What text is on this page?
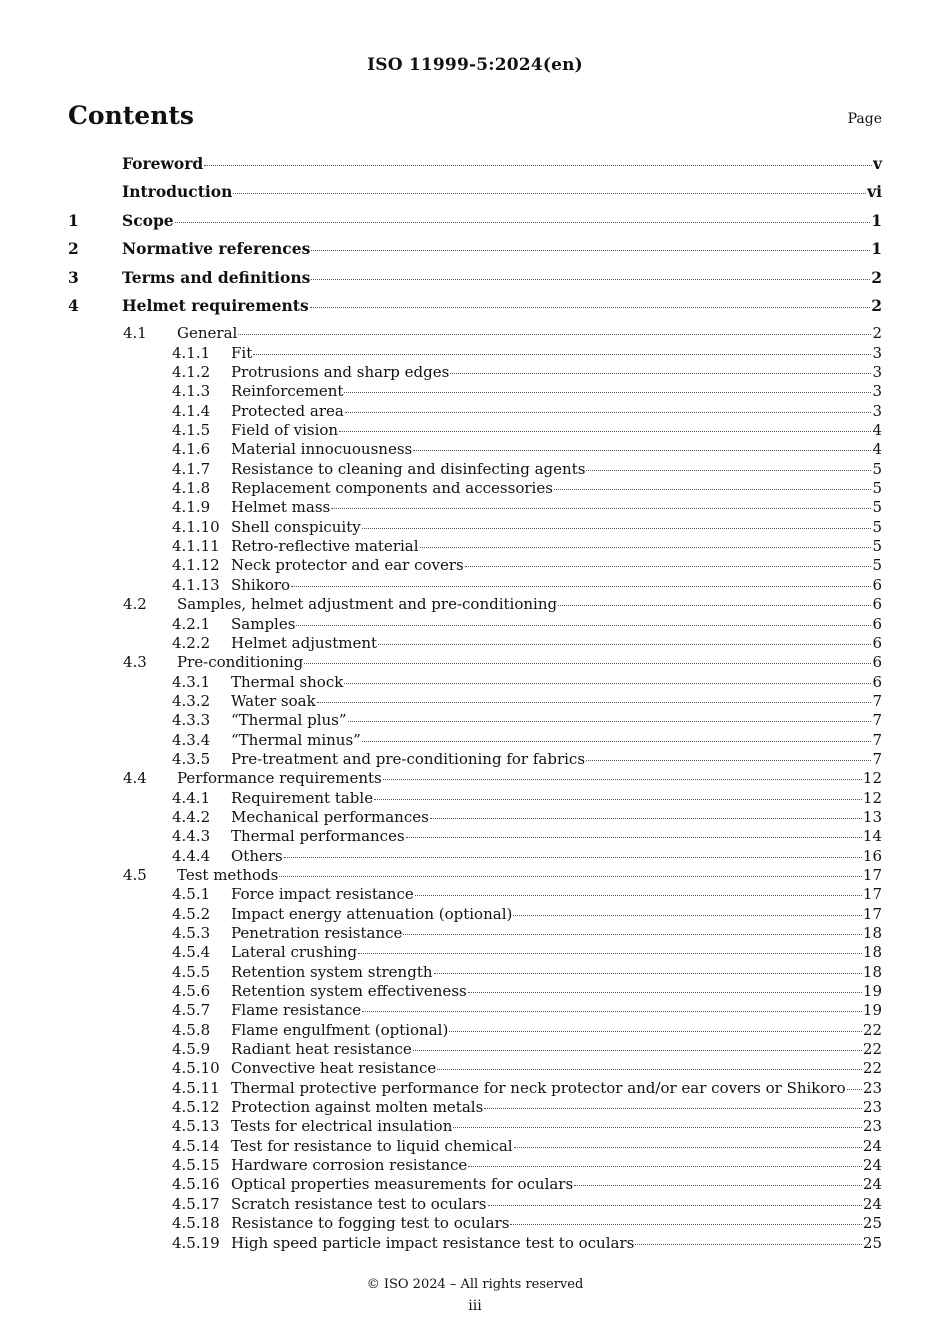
ISO 11999-5:2024(en)
Contents	Page
Foreword	v
Introduction	vi
1	Scope	1
2	Normative references	1
3	Terms and definitions	2
4	Helmet requirements	2
4.1	General	2
4.1.1	Fit	3
4.1.2	Protrusions and sharp edges	3
4.1.3	Reinforcement	3
4.1.4	Protected area	3
4.1.5	Field of vision	4
4.1.6	Material innocuousness	4
4.1.7	Resistance to cleaning and disinfecting agents	5
4.1.8	Replacement components and accessories	5
4.1.9	Helmet mass	5
4.1.10 Shell conspicuity	5
4.1.11 Retro-reflective material	5
4.1.12 Neck protector and ear covers	5
4.1.13 Shikoro	6
4.2	Samples, helmet adjustment and pre-conditioning	6
4.2.1	Samples	6
4.2.2	Helmet adjustment	6
4.3	Pre-conditioning	6
4.3.1	Thermal shock	6
4.3.2	Water soak	7
4.3.3	“Thermal plus”	7
4.3.4	“Thermal minus”	7
4.3.5	Pre-treatment and pre-conditioning for fabrics	7
4.4	Performance requirements	12
4.4.1	Requirement table	12
4.4.2	Mechanical performances	13
4.4.3	Thermal performances	14
4.4.4	Others	16
4.5	Test methods	17
4.5.1	Force impact resistance	17
4.5.2	Impact energy attenuation (optional)	17
4.5.3	Penetration resistance	18
4.5.4	Lateral crushing	18
4.5.5	Retention system strength	18
4.5.6	Retention system effectiveness	19
4.5.7	Flame resistance	19
4.5.8	Flame engulfment (optional)	22
4.5.9	Radiant heat resistance	22
4.5.10 Convective heat resistance	22
4.5.11 Thermal protective performance for neck protector and/or ear covers or Shikoro 23
4.5.12 Protection against molten metals	23
4.5.13 Tests for electrical insulation	23
4.5.14 Test for resistance to liquid chemical	24
4.5.15 Hardware corrosion resistance	24
4.5.16 Optical properties measurements for oculars	24
4.5.17 Scratch resistance test to oculars	24
4.5.18 Resistance to fogging test to oculars	25
4.5.19 High speed particle impact resistance test to oculars	25
© ISO 2024 – All rights reserved
iii
